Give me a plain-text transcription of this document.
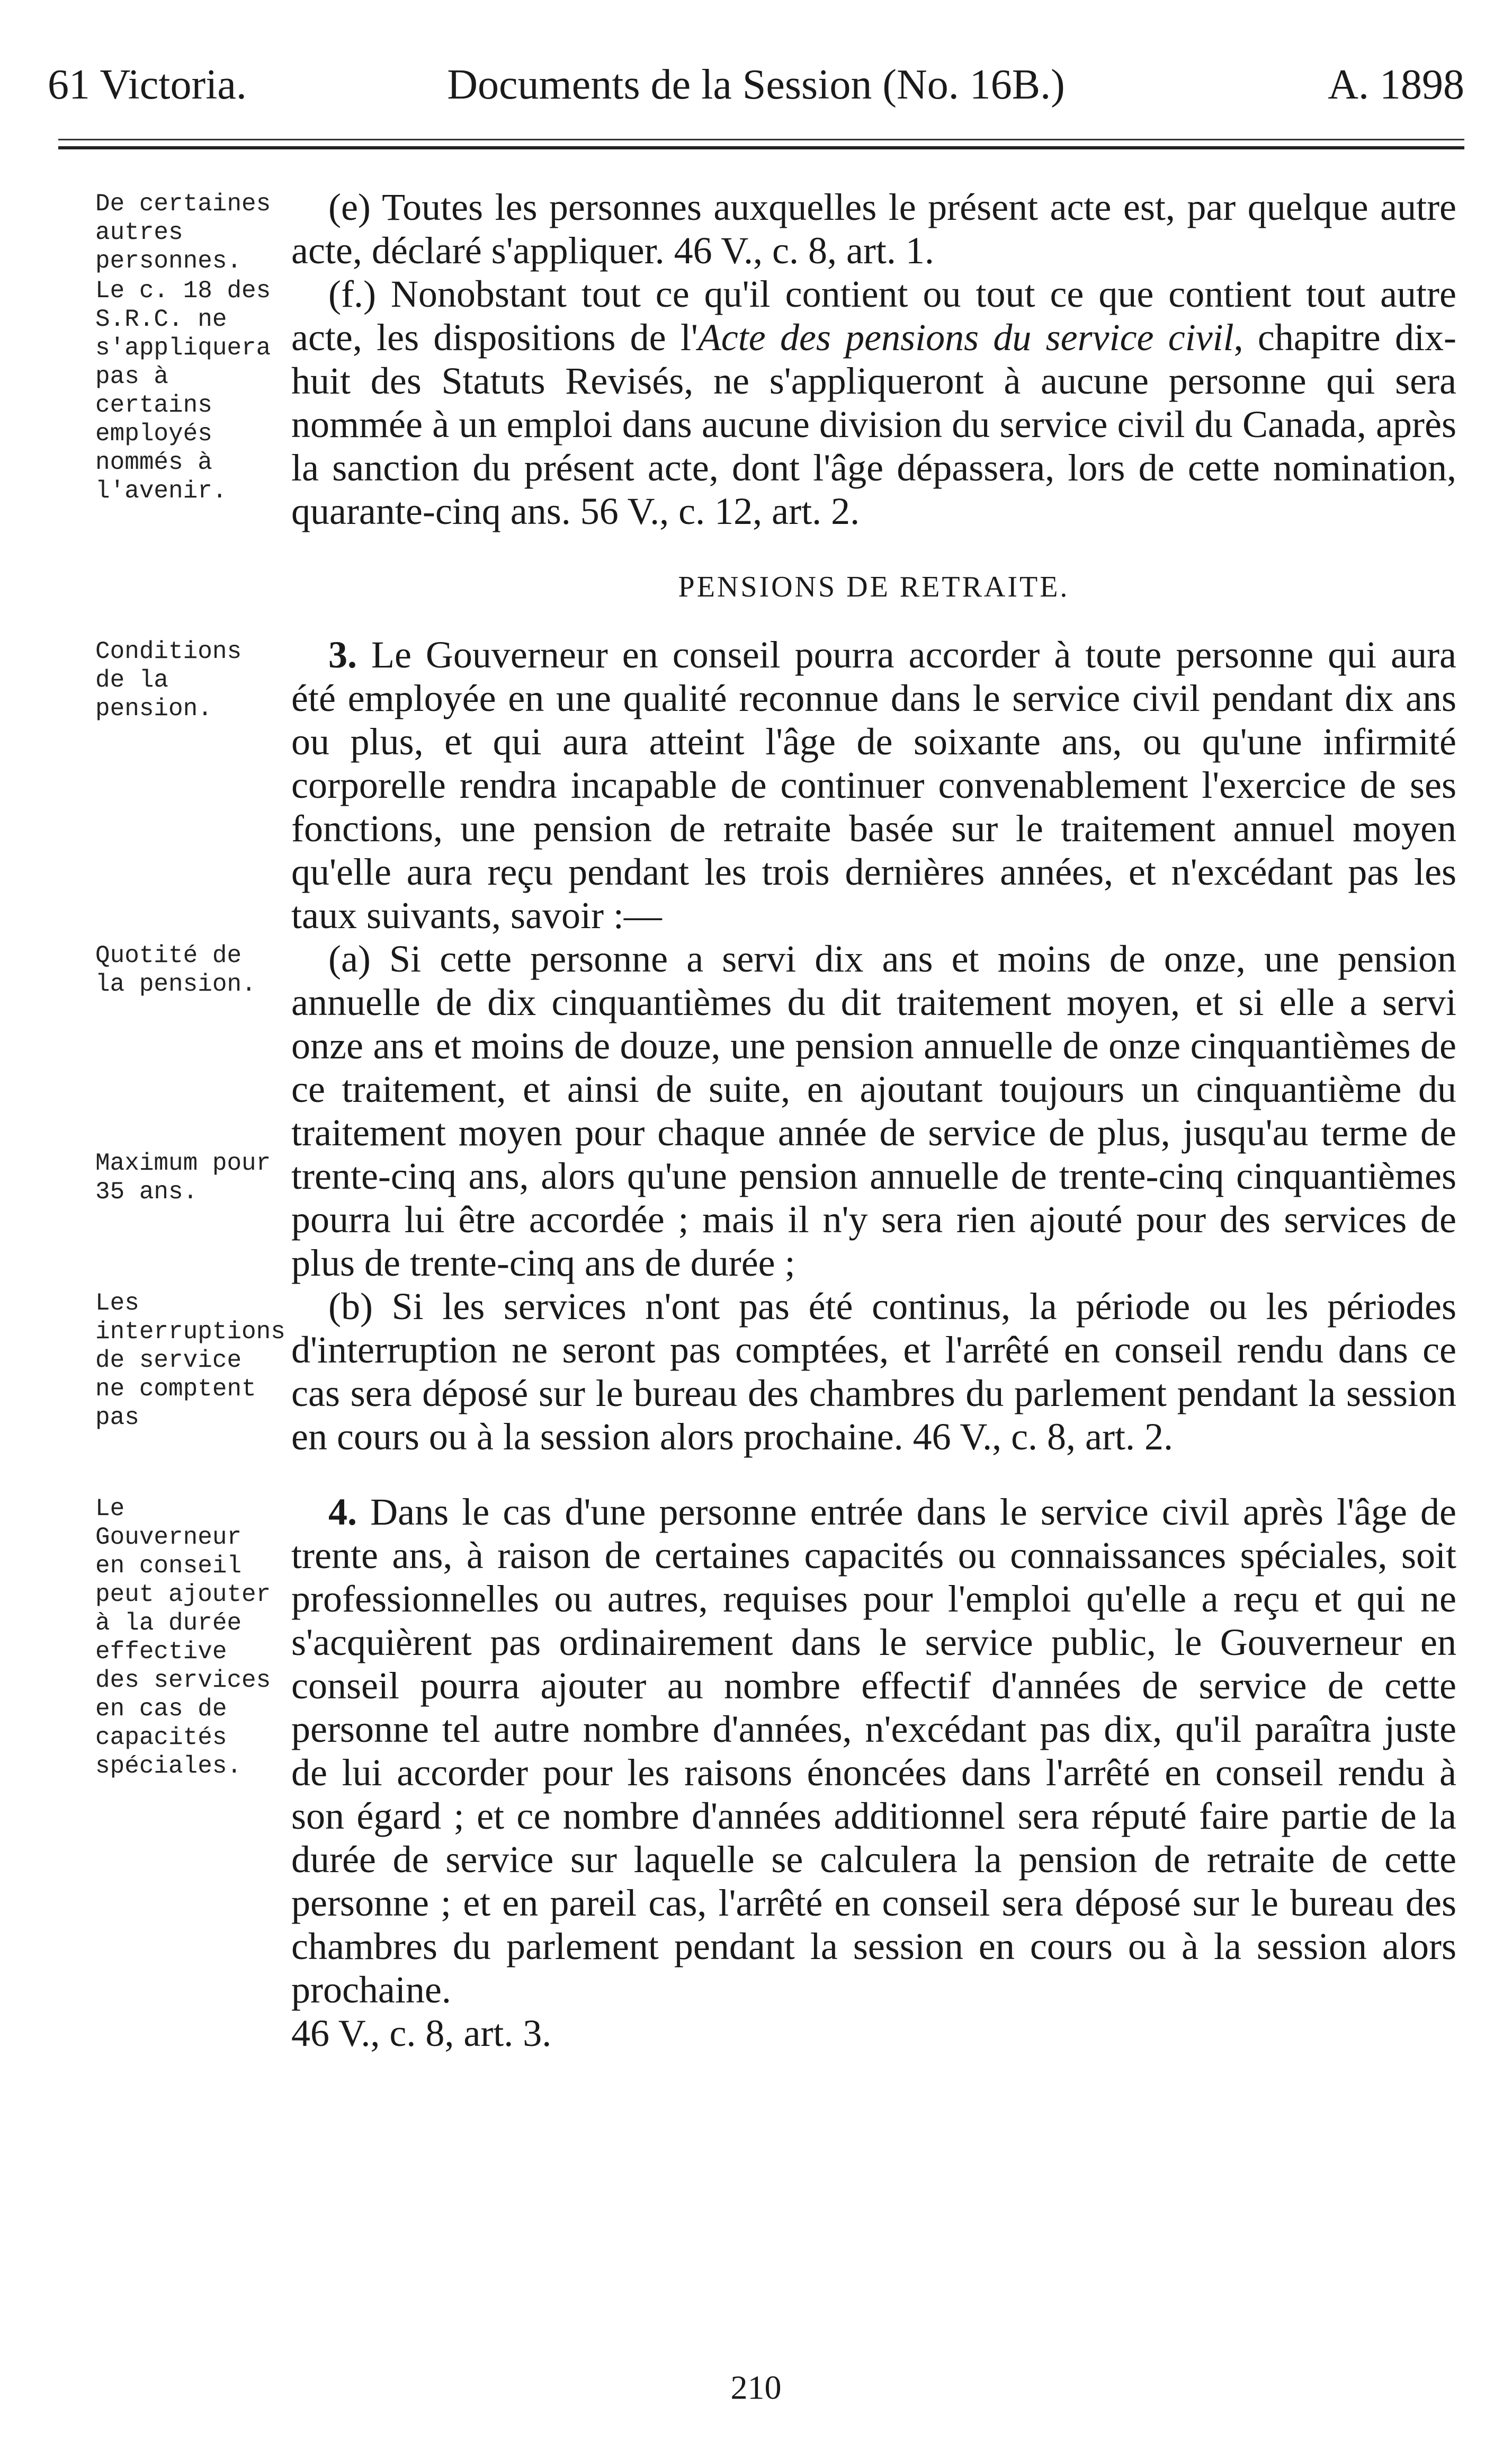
61 Victoria.	Documents de la Session (No. 16B.)	A. 1898
De certaines autres personnes.

(e) Toutes les personnes auxquelles le présent acte est, par quelque autre acte, déclaré s'appliquer. 46 V., c. 8, art. 1.

Le c. 18 des S.R.C. ne s'appliquera pas à certains employés nommés à l'avenir.

(f.) Nonobstant tout ce qu'il contient ou tout ce que contient tout autre acte, les dispositions de l'Acte des pensions du service civil, chapitre dix-huit des Statuts Revisés, ne s'appliqueront à aucune personne qui sera nommée à un emploi dans aucune division du service civil du Canada, après la sanction du présent acte, dont l'âge dépassera, lors de cette nomination, quarante-cinq ans. 56 V., c. 12, art. 2.

PENSIONS DE RETRAITE.
Conditions de la pension.

3. Le Gouverneur en conseil pourra accorder à toute personne qui aura été employée en une qualité reconnue dans le service civil pendant dix ans ou plus, et qui aura atteint l'âge de soixante ans, ou qu'une infirmité corporelle rendra incapable de continuer convenablement l'exercice de ses fonctions, une pension de retraite basée sur le traitement annuel moyen qu'elle aura reçu pendant les trois dernières années, et n'excédant pas les taux suivants, savoir :—

Quotité de la pension.
Maximum pour 35 ans.

(a) Si cette personne a servi dix ans et moins de onze, une pension annuelle de dix cinquantièmes du dit traitement moyen, et si elle a servi onze ans et moins de douze, une pension annuelle de onze cinquantièmes de ce traitement, et ainsi de suite, en ajoutant toujours un cinquantième du traitement moyen pour chaque année de service de plus, jusqu'au terme de trente-cinq ans, alors qu'une pension annuelle de trente-cinq cinquantièmes pourra lui être accordée ; mais il n'y sera rien ajouté pour des services de plus de trente-cinq ans de durée ;

Les interruptions de service ne comptent pas

(b) Si les services n'ont pas été continus, la période ou les périodes d'interruption ne seront pas comptées, et l'arrêté en conseil rendu dans ce cas sera déposé sur le bureau des chambres du parlement pendant la session en cours ou à la session alors prochaine. 46 V., c. 8, art. 2.

Le Gouverneur en conseil peut ajouter à la durée effective des services en cas de capacités spéciales.

4. Dans le cas d'une personne entrée dans le service civil après l'âge de trente ans, à raison de certaines capacités ou connaissances spéciales, soit professionnelles ou autres, requises pour l'emploi qu'elle a reçu et qui ne s'acquièrent pas ordinairement dans le service public, le Gouverneur en conseil pourra ajouter au nombre effectif d'années de service de cette personne tel autre nombre d'années, n'excédant pas dix, qu'il paraîtra juste de lui accorder pour les raisons énoncées dans l'arrêté en conseil rendu à son égard ; et ce nombre d'années additionnel sera réputé faire partie de la durée de service sur laquelle se calculera la pension de retraite de cette personne ; et en pareil cas, l'arrêté en conseil sera déposé sur le bureau des chambres du parlement pendant la session en cours ou à la session alors prochaine.

46 V., c. 8, art. 3.

210
